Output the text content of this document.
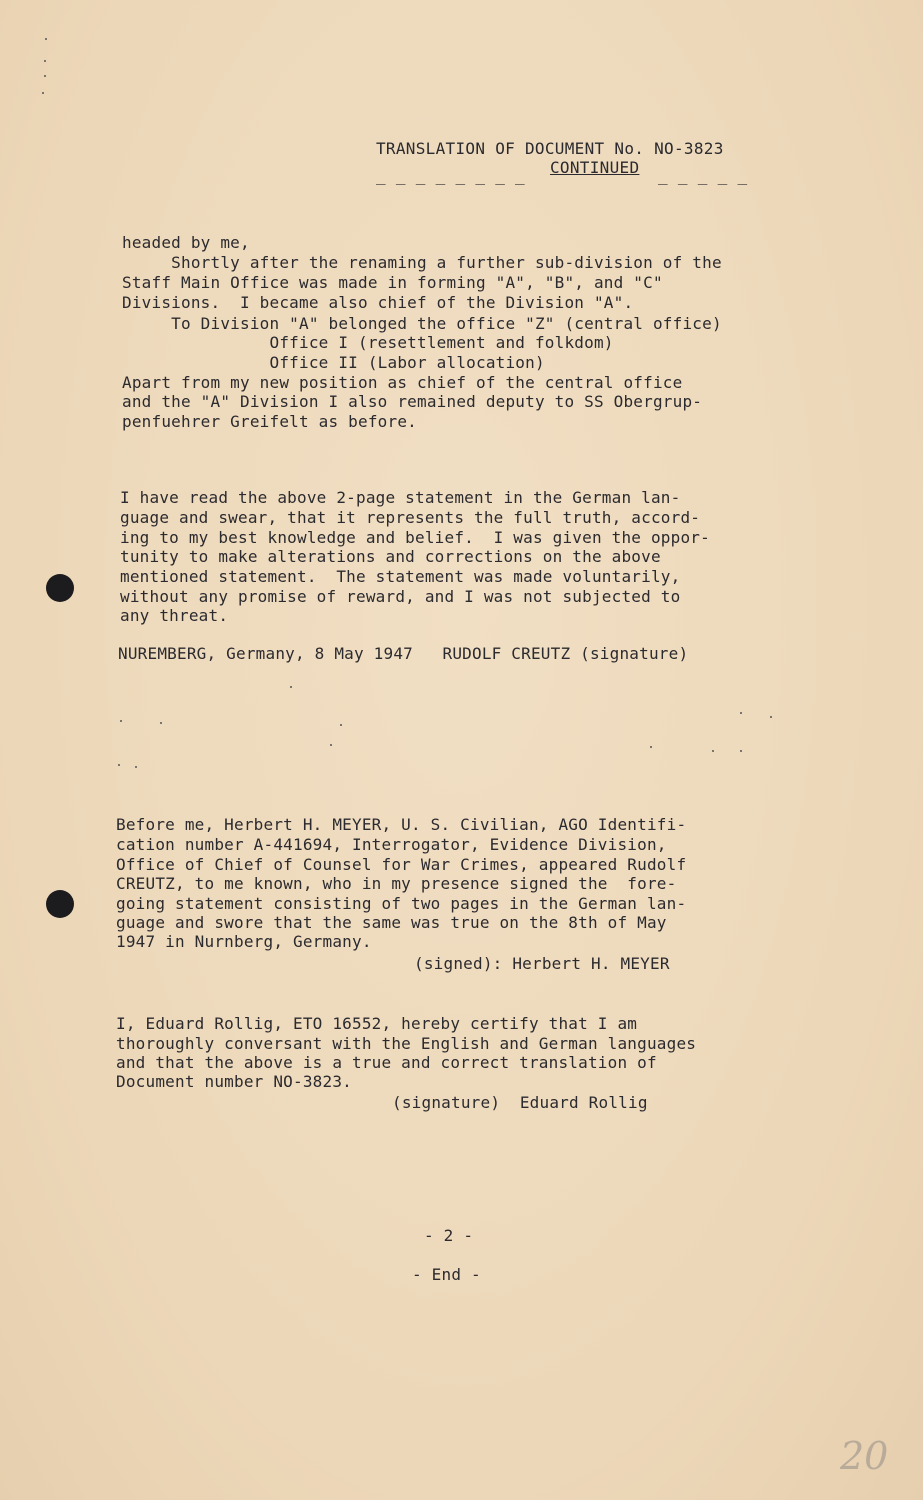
TRANSLATION OF DOCUMENT No. NO-3823
_ _ _ _ _ _ _ _ CONTINUED _ _ _ _ _
headed by me,
Shortly after the renaming a further sub-division of the
Staff Main Office was made in forming "A", "B", and "C"
Divisions.  I became also chief of the Division "A".
To Division "A" belonged the office "Z" (central office)
Office I (resettlement and folkdom)
Office II (Labor allocation)
Apart from my new position as chief of the central office
and the "A" Division I also remained deputy to SS Obergrup-
penfuehrer Greifelt as before.
I have read the above 2-page statement in the German lan-
guage and swear, that it represents the full truth, accord-
ing to my best knowledge and belief.  I was given the oppor-
tunity to make alterations and corrections on the above
mentioned statement.  The statement was made voluntarily,
without any promise of reward, and I was not subjected to
any threat.
NUREMBERG, Germany, 8 May 1947   RUDOLF CREUTZ (signature)
Before me, Herbert H. MEYER, U. S. Civilian, AGO Identifi-
cation number A-441694, Interrogator, Evidence Division,
Office of Chief of Counsel for War Crimes, appeared Rudolf
CREUTZ, to me known, who in my presence signed the  fore-
going statement consisting of two pages in the German lan-
guage and swore that the same was true on the 8th of May
1947 in Nurnberg, Germany.
(signed): Herbert H. MEYER
I, Eduard Rollig, ETO 16552, hereby certify that I am
thoroughly conversant with the English and German languages
and that the above is a true and correct translation of
Document number NO-3823.
(signature)  Eduard Rollig
- 2 -
- End -
20
